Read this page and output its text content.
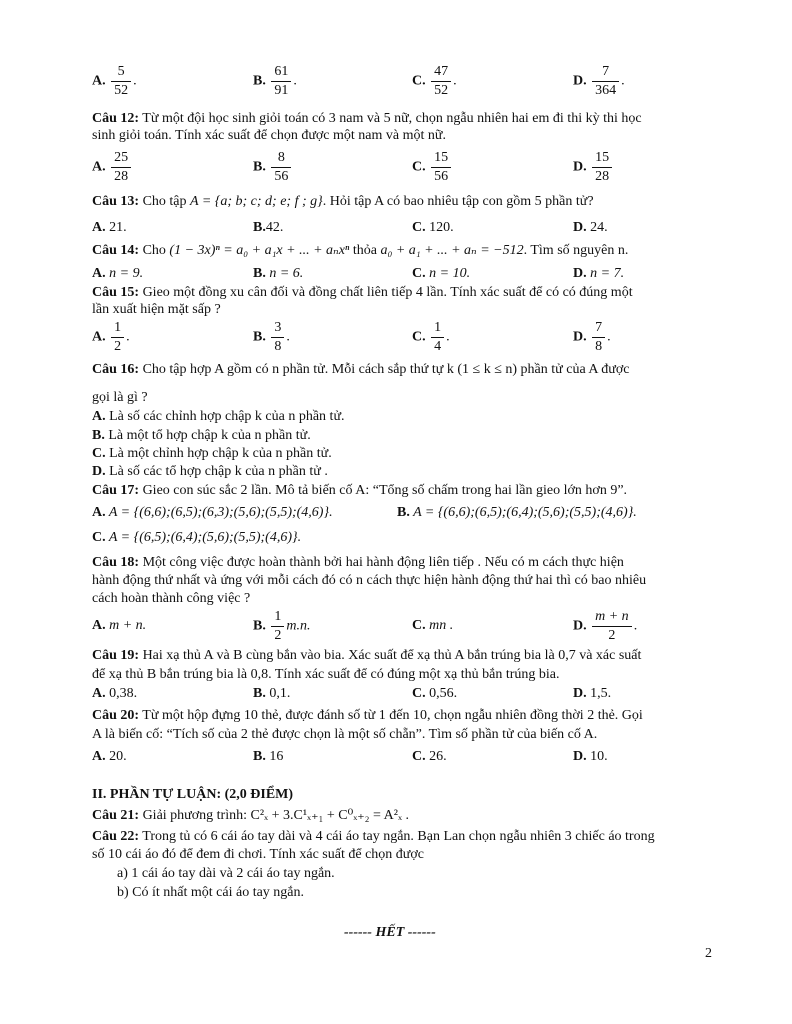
A. $\frac{5}{52}$ .	B. $\frac{61}{91}$ .	C. $\frac{47}{52}$ .	D. $\frac{7}{364}$ .
Câu 12: Từ một đội học sinh giỏi toán có 3 nam và 5 nữ, chọn ngẫu nhiên hai em đi thi kỳ thi học
sinh giỏi toán. Tính xác suất để chọn được một nam và một nữ.
A. $\frac{25}{28}$	B. $\frac{8}{56}$	C. $\frac{15}{56}$	D. $\frac{15}{28}$
Câu 13: Cho tập A = {a; b; c; d; e; f ; g}. Hỏi tập A có bao nhiêu tập con gồm 5 phần tử?
A. 21.	B.42.	C. 120.	D. 24.
Câu 14: Cho (1 − 3x)ⁿ = a₀ + a₁x + ... + aₙxⁿ thỏa a₀ + a₁ + ... + aₙ = −512. Tìm số nguyên n.
A. n = 9.	B. n = 6.	C. n = 10.	D. n = 7.
Câu 15: Gieo một đồng xu cân đối và đồng chất liên tiếp 4 lần. Tính xác suất để có có đúng một
lần xuất hiện mặt sấp ?
A. $\frac{1}{2}$ .	B. $\frac{3}{8}$ .	C. $\frac{1}{4}$ .	D. $\frac{7}{8}$ .
Câu 16: Cho tập hợp A gồm có n phần tử. Mỗi cách sắp thứ tự k (1 ≤ k ≤ n) phần tử của A được
gọi là gì ?
A. Là số các chỉnh hợp chập k của n phần tử.
B. Là một tổ hợp chập k của n phần tử.
C. Là một chỉnh hợp chập k của n phần tử.
D. Là số các tổ hợp chập k của n phần tử .
Câu 17: Gieo con súc sắc 2 lần. Mô tả biến cố A: “Tổng số chấm trong hai lần gieo lớn hơn 9”.
A. A = {(6,6);(6,5);(6,3);(5,6);(5,5);(4,6)}.	B. A = {(6,6);(6,5);(6,4);(5,6);(5,5);(4,6)}.
C. A = {(6,5);(6,4);(5,6);(5,5);(4,6)}.
Câu 18: Một công việc được hoàn thành bởi hai hành động liên tiếp . Nếu có m cách thực hiện
hành động thứ nhất và ứng với mỗi cách đó có n cách thực hiện hành động thứ hai thì có bao nhiêu
cách hoàn thành công việc ?
A. m + n.	B. $\frac{1}{2} m.n$.	C. mn .	D. $\frac{m + n}{2}$ .
Câu 19: Hai xạ thủ A và B cùng bắn vào bia. Xác suất để xạ thủ A bắn trúng bia là 0,7 và xác suất
để xạ thủ B bắn trúng bia là 0,8. Tính xác suất để có đúng một xạ thủ bắn trúng bia.
A. 0,38.	B. 0,1.	C. 0,56.	D. 1,5.
Câu 20: Từ một hộp đựng 10 thẻ, được đánh số từ 1 đến 10, chọn ngẫu nhiên đồng thời 2 thẻ. Gọi
A là biến cố: “Tích số của 2 thẻ được chọn là một số chẵn”. Tìm số phần tử của biến cố A.
A. 20.	B. 16	C. 26.	D. 10.
II. PHẦN TỰ LUẬN: (2,0 ĐIỂM)
Câu 21: Giải phương trình: C²ₓ + 3.C¹ₓ₊₁ + C⁰ₓ₊₂ = A²ₓ .
Câu 22: Trong tủ có 6 cái áo tay dài và 4 cái áo tay ngắn. Bạn Lan chọn ngẫu nhiên 3 chiếc áo trong
số 10 cái áo đó để đem đi chơi. Tính xác suất để chọn được
a) 1 cái áo tay dài và 2 cái áo tay ngắn.
b) Có ít nhất một cái áo tay ngắn.
------ HẾT ------
2
